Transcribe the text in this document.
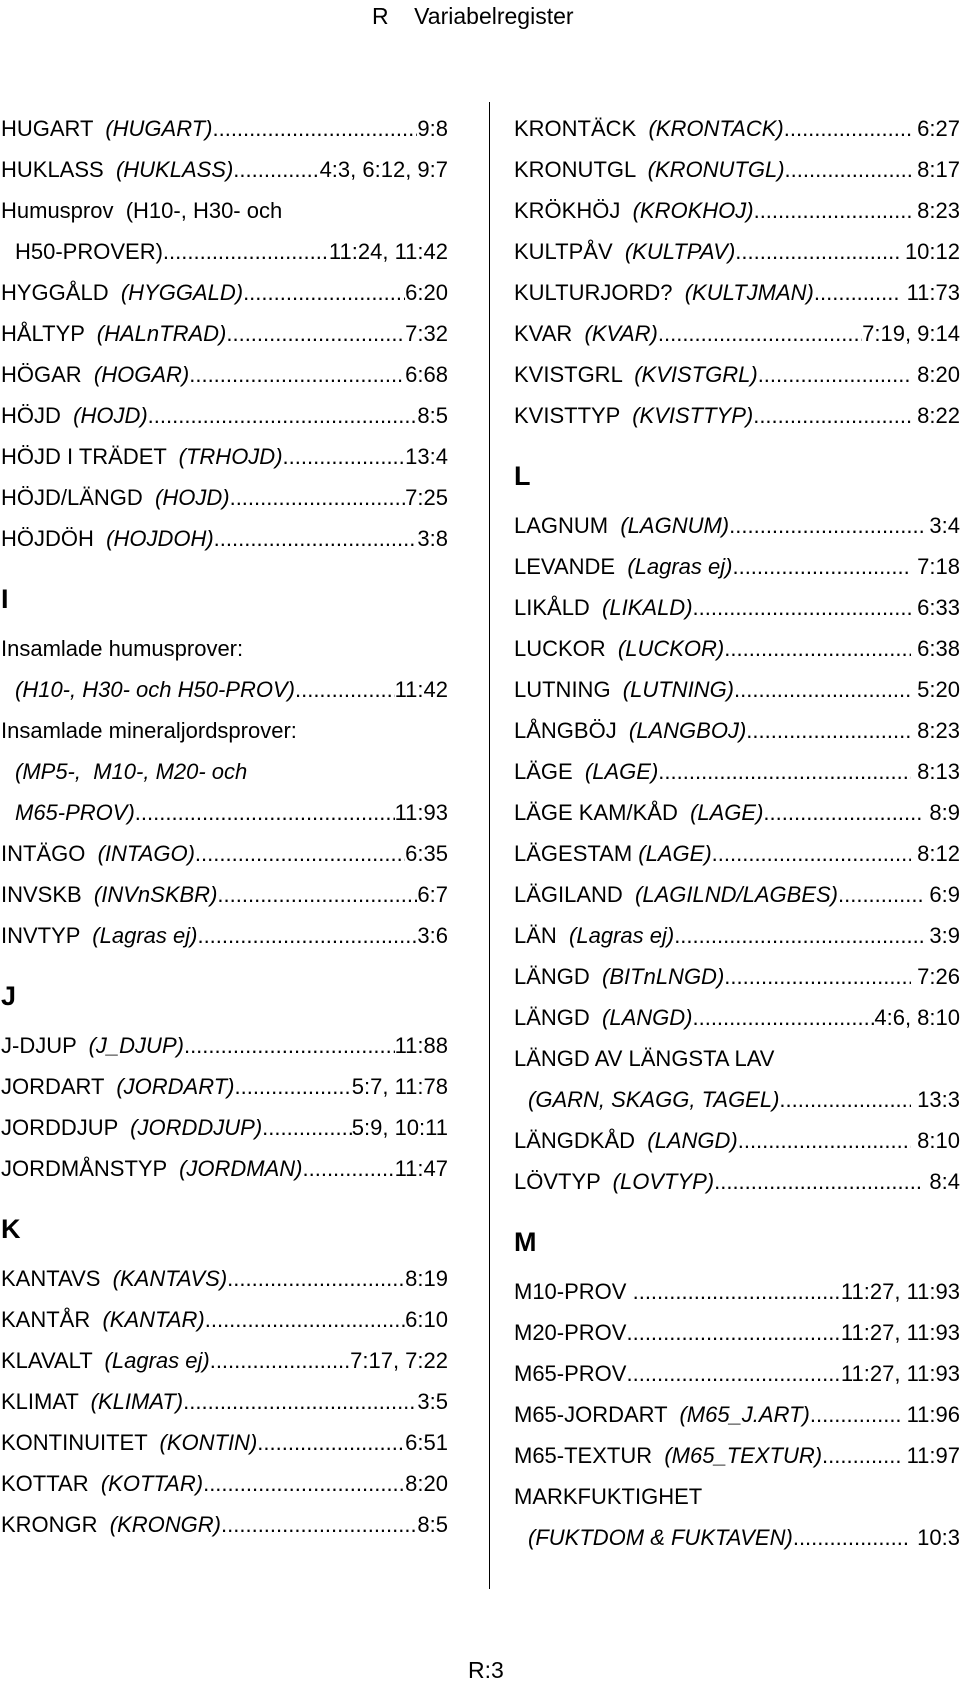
R    Variabelregister
HUGART (HUGART) .....	9:8
HUKLASS (HUKLASS) .....	4:3, 6:12, 9:7
Humusprov  (H10-, H30- och
H50-PROVER) .....	11:24, 11:42
HYGGÅLD (HYGGALD) .....	6:20
HÅLTYP (HALnTRAD) .....	7:32
HÖGAR (HOGAR) .....	6:68
HÖJD (HOJD) .....	8:5
HÖJD I TRÄDET (TRHOJD) .....	13:4
HÖJD/LÄNGD (HOJD) .....	7:25
HÖJDÖH (HOJDOH) .....	3:8
I
Insamlade humusprover:
(H10-, H30- och H50-PROV) .....	11:42
Insamlade mineraljordsprover:
(MP5-,  M10-, M20- och
M65-PROV) .....	11:93
INTÄGO (INTAGO) .....	6:35
INVSKB (INVnSKBR) .....	6:7
INVTYP (Lagras ej) .....	3:6
J
J-DJUP (J_DJUP) .....	11:88
JORDART (JORDART) .....	5:7, 11:78
JORDDJUP (JORDDJUP) .....	5:9, 10:11
JORDMÅNSTYP (JORDMAN) .....	11:47
K
KANTAVS (KANTAVS) .....	8:19
KANTÅR (KANTAR) .....	6:10
KLAVALT (Lagras ej) .....	7:17, 7:22
KLIMAT (KLIMAT) .....	3:5
KONTINUITET (KONTIN) .....	6:51
KOTTAR (KOTTAR) .....	8:20
KRONGR (KRONGR) .....	8:5
KRONTÄCK (KRONTACK) .....	6:27
KRONUTGL (KRONUTGL) .....	8:17
KRÖKHÖJ (KROKHOJ) .....	8:23
KULTPÅV (KULTPAV) .....	10:12
KULTURJORD? (KULTJMAN) .....	11:73
KVAR (KVAR) .....	7:19, 9:14
KVISTGRL (KVISTGRL) .....	8:20
KVISTTYP (KVISTTYP) .....	8:22
L
LAGNUM (LAGNUM) .....	3:4
LEVANDE (Lagras ej) .....	7:18
LIKÅLD (LIKALD) .....	6:33
LUCKOR (LUCKOR) .....	6:38
LUTNING (LUTNING) .....	5:20
LÅNGBÖJ (LANGBOJ) .....	8:23
LÄGE (LAGE) .....	8:13
LÄGE KAM/KÅD (LAGE) .....	8:9
LÄGESTAM (LAGE) .....	8:12
LÄGILAND (LAGILND/LAGBES) .....	6:9
LÄN (Lagras ej) .....	3:9
LÄNGD (BITnLNGD) .....	7:26
LÄNGD (LANGD) .....	4:6, 8:10
LÄNGD AV LÄNGSTA LAV
(GARN, SKAGG, TAGEL) .....	13:3
LÄNGDKÅD (LANGD) .....	8:10
LÖVTYP (LOVTYP) .....	8:4
M
M10-PROV .....	11:27, 11:93
M20-PROV .....	11:27, 11:93
M65-PROV .....	11:27, 11:93
M65-JORDART (M65_J.ART) .....	11:96
M65-TEXTUR (M65_TEXTUR) .....	11:97
MARKFUKTIGHET
(FUKTDOM & FUKTAVEN) .....	10:3
R:3
